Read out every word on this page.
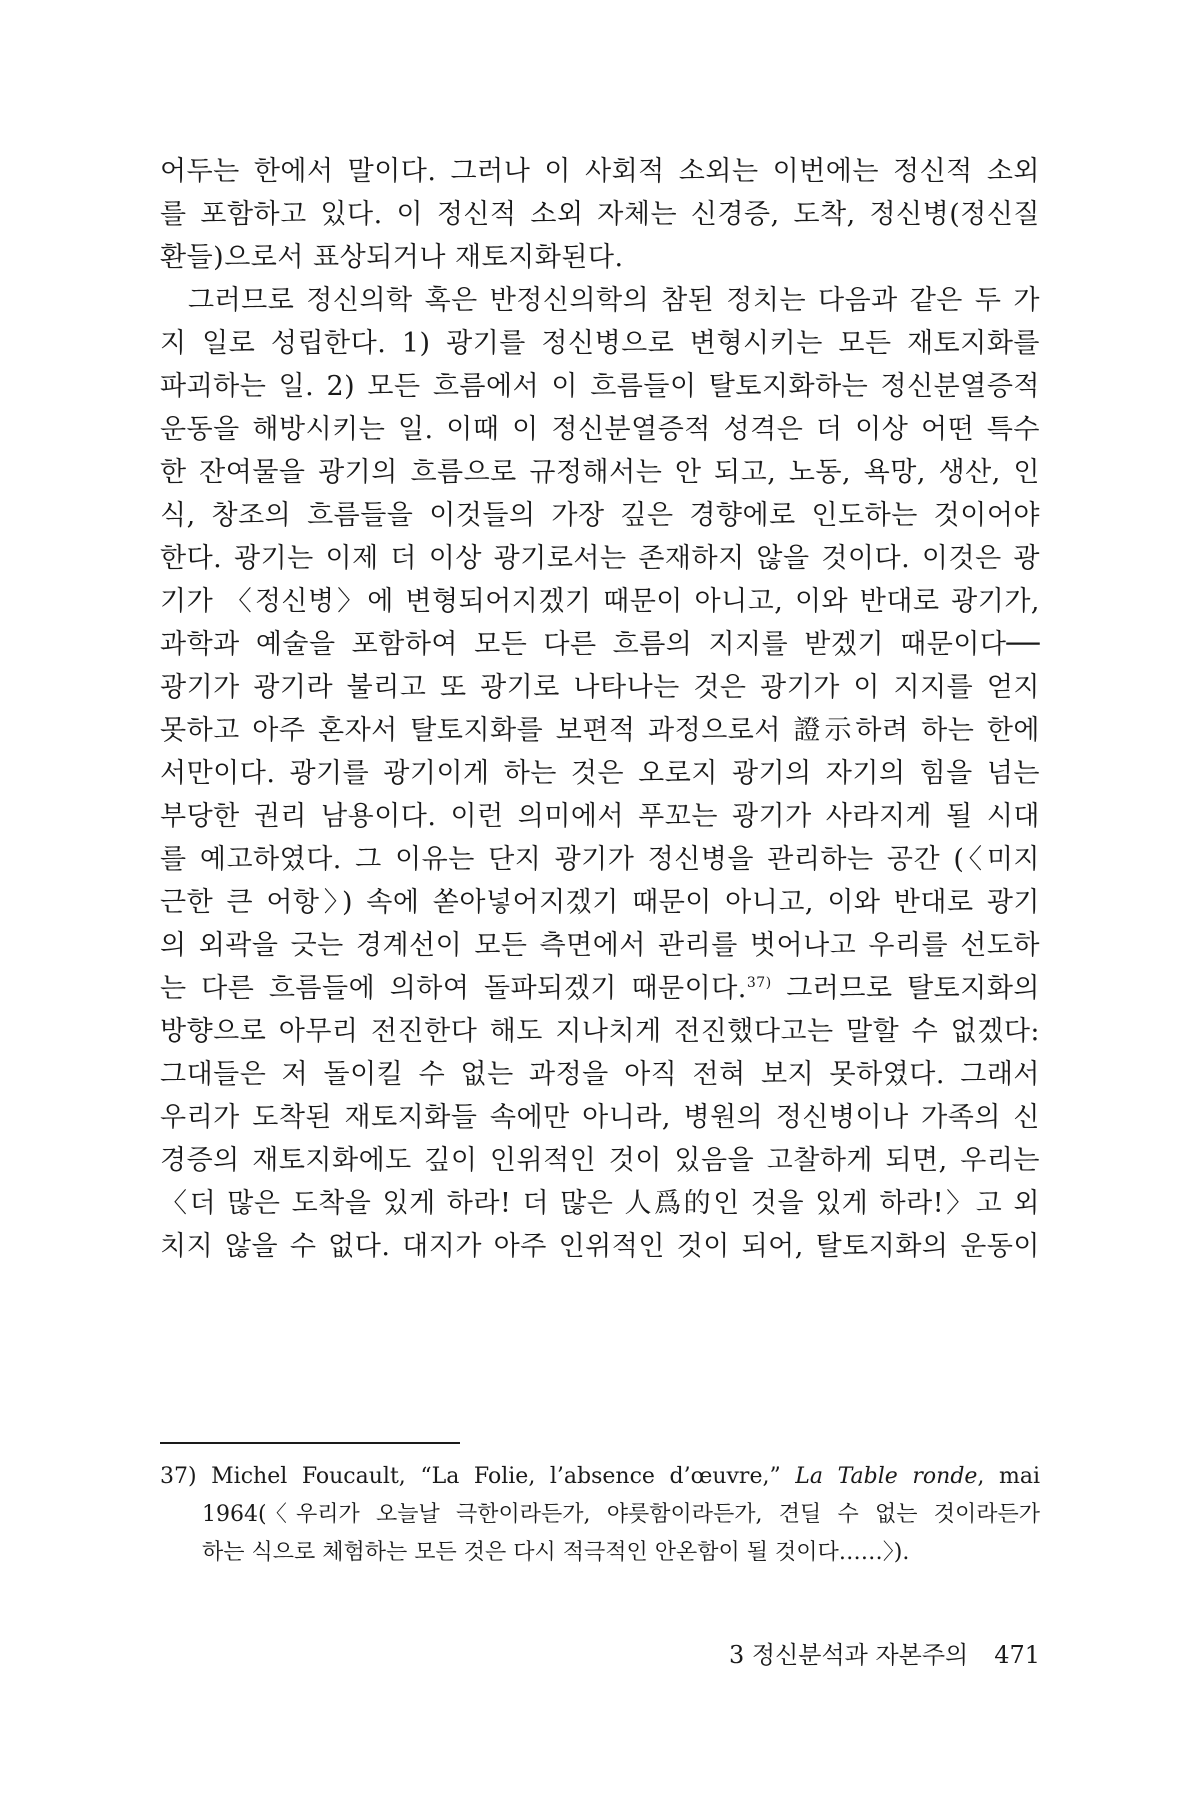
어두는 한에서 말이다. 그러나 이 사회적 소외는 이번에는 정신적 소외
를 포함하고 있다. 이 정신적 소외 자체는 신경증, 도착, 정신병(정신질
환들)으로서 표상되거나 재토지화된다.
그러므로 정신의학 혹은 반정신의학의 참된 정치는 다음과 같은 두 가
지 일로 성립한다. 1) 광기를 정신병으로 변형시키는 모든 재토지화를
파괴하는 일. 2) 모든 흐름에서 이 흐름들이 탈토지화하는 정신분열증적
운동을 해방시키는 일. 이때 이 정신분열증적 성격은 더 이상 어떤 특수
한 잔여물을 광기의 흐름으로 규정해서는 안 되고, 노동, 욕망, 생산, 인
식, 창조의 흐름들을 이것들의 가장 깊은 경향에로 인도하는 것이어야
한다. 광기는 이제 더 이상 광기로서는 존재하지 않을 것이다. 이것은 광
기가 〈정신병〉에 변형되어지겠기 때문이 아니고, 이와 반대로 광기가,
과학과 예술을 포함하여 모든 다른 흐름의 지지를 받겠기 때문이다──
광기가 광기라 불리고 또 광기로 나타나는 것은 광기가 이 지지를 얻지
못하고 아주 혼자서 탈토지화를 보편적 과정으로서 證示하려 하는 한에
서만이다. 광기를 광기이게 하는 것은 오로지 광기의 자기의 힘을 넘는
부당한 권리 남용이다. 이런 의미에서 푸꼬는 광기가 사라지게 될 시대
를 예고하였다. 그 이유는 단지 광기가 정신병을 관리하는 공간 (〈미지
근한 큰 어항〉) 속에 쏟아넣어지겠기 때문이 아니고, 이와 반대로 광기
의 외곽을 긋는 경계선이 모든 측면에서 관리를 벗어나고 우리를 선도하
는 다른 흐름들에 의하여 돌파되겠기 때문이다.$^{37)}$ 그러므로 탈토지화의
방향으로 아무리 전진한다 해도 지나치게 전진했다고는 말할 수 없겠다:
그대들은 저 돌이킬 수 없는 과정을 아직 전혀 보지 못하였다. 그래서
우리가 도착된 재토지화들 속에만 아니라, 병원의 정신병이나 가족의 신
경증의 재토지화에도 깊이 인위적인 것이 있음을 고찰하게 되면, 우리는
〈더 많은 도착을 있게 하라! 더 많은 人爲的인 것을 있게 하라!〉고 외
치지 않을 수 없다. 대지가 아주 인위적인 것이 되어, 탈토지화의 운동이
37) Michel Foucault, “La Folie, l’absence d’œuvre,” La Table ronde, mai
1964(〈우리가 오늘날 극한이라든가, 야릇함이라든가, 견딜 수 없는 것이라든가
하는 식으로 체험하는 모든 것은 다시 적극적인 안온함이 될 것이다……〉).
3 정신분석과 자본주의 471
